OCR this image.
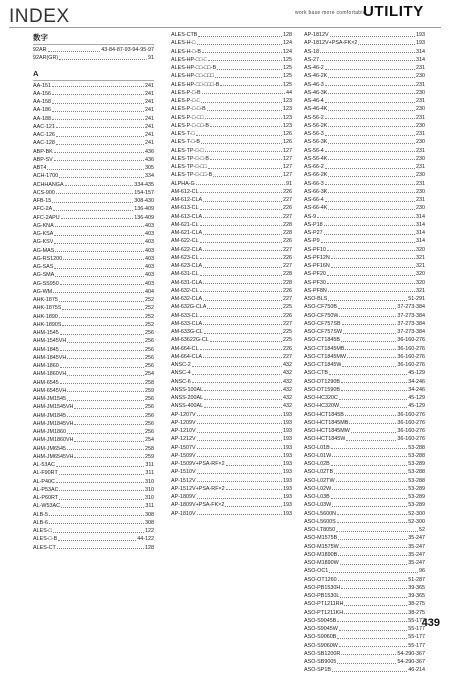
INDEX	work base more comfortable
UTILITY
数字
92AR	43-84-87-93-94-95-97
92AR(GR)	91
A
AA-151	241
AA-156	241
AA-158	241
AA-186	241
AA-188	241
AAC-121	241
AAC-126	241
AAC-128	241
ABP-BK	436
ABP-SV	436
ABT4	305
ACH-1700	334
ACHHANGA	334-435
ACS-900	154-157
AFB-15	308-430
AFC-2A	136-409
AFC-2APU	136-409
AG-KNA	403
AG-KSA	403
AG-KSV	403
AG-MAS	403
AG-RS1200	403
AG-SAS	403
AG-SMA	403
AG-SS950	403
AG-WM	404
AHK-1875	252
AHK-1875S	252
AHK-1890	252
AHK-1890S	252
AHM-1545	256
AHM-1545VH	256
AHM-1845	256
AHM-1845VH	256
AHM-1860	256
AHM-1860VH	254
AHM-6545	258
AHM-6545VH	259
AHM-JM1545	256
AHM-JM1545VH	256
AHM-JM1845	256
AHM-JM1845VH	256
AHM-JM1860	256
AHM-JM1860VH	254
AHM-JM6545	258
AHM-JM6545VH	259
AL-53AC	311
AL-F90RT	311
AL-P40C	310
AL-P53AC	310
AL-P60RT	310
AL-W53AC	311
ALB-5	308
ALB-6	308
ALES-□	122
ALES-□-B	44-122
ALES-CT	128
ALES-CTB	128
ALES-H-□	124
ALES-H-□-B	124
ALES-HP-□□-□	125
ALES-HP-□□-□□-B	125
ALES-HP-□□-□□□	125
ALES-HP-□□-□□□-B	125
ALES-P-□-B	44
ALES-P-□-□	123
ALES-P-□-□-B	123
ALES-P-□-□□	123
ALES-P-□-□□-B	123
ALES-T-□	126
ALES-T-□-B	126
ALES-TP-□-□	127
ALES-TP-□-□-B	127
ALES-TP-□-□□	127
ALES-TP-□-□□-B	127
ALPHA-G	91
AM-612-CL	226
AM-612-CLA	227
AM-613-CL	226
AM-613-CLA	227
AM-621-CL	228
AM-621-CLA	228
AM-622-CL	226
AM-622-CLA	227
AM-623-CL	226
AM-623-CLA	227
AM-631-CL	228
AM-631-CLA	228
AM-632-CL	226
AM-632-CLA	227
AM-632G-CLA	225
AM-633-CL	226
AM-633-CLA	227
AM-633G-CL	225
AM-63622G-CL	225
AM-664-CL	226
AM-664-CLA	227
ANSC-2	432
ANSC-4	432
ANSC-6	432
ANSS-100AL	432
ANSS-200AL	432
ANSS-400AL	432
AP-1207V	193
AP-1209V	193
AP-1210V	193
AP-1212V	193
AP-1507V	193
AP-1509V	193
AP-1509V+PSA-RF×2	193
AP-1510V	193
AP-1512V	193
AP-1512V+PSA-RF×2	193
AP-1809V	193
AP-1809V+PSA-FK×2	193
AP-1810V	193
AP-1812V	193
AP-1812V+PSA-FK×2	193
AS-18	314
AS-27	314
AS-46-2	231
AS-46-2K	230
AS-46-3	231
AS-46-3K	230
AS-46-4	231
AS-46-4K	230
AS-56-2	231
AS-56-2K	230
AS-56-3	231
AS-56-3K	230
AS-56-4	231
AS-56-4K	230
AS-66-2	231
AS-66-2K	230
AS-66-3	231
AS-66-3K	230
AS-66-4	231
AS-66-4K	230
AS-9	314
AS-P18	314
AS-P27	314
AS-P9	314
AS-PF10	320
AS-PF12N	321
AS-PF16N	321
AS-PF20	320
AS-PF30	320
AS-PF8N	321
ASO-BLS	51-291
ASO-CF750B	37-273-384
ASO-CF750W	37-273-384
ASO-CF757SB	37-273-384
ASO-CF757SW	37-273-384
ASO-CT1845B	36-160-276
ASO-CT1845MB	36-160-276
ASO-CT1845MW	36-160-276
ASO-CT1845W	36-160-276
ASO-CTB	45-129
ASO-DT1290B	34-246
ASO-DT1590B	34-246
ASO-HC320C	45-129
ASO-HC320W	45-129
ASO-HCT1845B	36-160-276
ASO-HCT1845MB	36-160-276
ASO-HCT1845MW	36-160-276
ASO-HCT1845W	36-160-276
ASO-L01B	53-288
ASO-L01W	53-288
ASO-L02B	53-289
ASO-L02TB	53-288
ASO-L02TW	53-288
ASO-L02W	53-289
ASO-L03B	53-289
ASO-L03W	53-289
ASO-L5600N	52-300
ASO-L5600S	52-300
ASO-LT8050	52
ASO-M1575B	35-247
ASO-M1575W	35-247
ASO-M1890B	35-247
ASO-M1890W	35-247
ASO-OC1	96
ASO-OT1260	51-287
ASO-PB1530H	39-365
ASO-PB1530L	39-365
ASO-PT1211RH	38-275
ASO-PT1211KH	38-275
ASO-S9045B	55-177
ASO-S9045W	55-177
ASO-S9060B	55-177
ASO-S9060W	55-177
ASO-SB1200R	54-290-367
ASO-SB9005	54-290-367
ASO-SP1B	46-214
439
